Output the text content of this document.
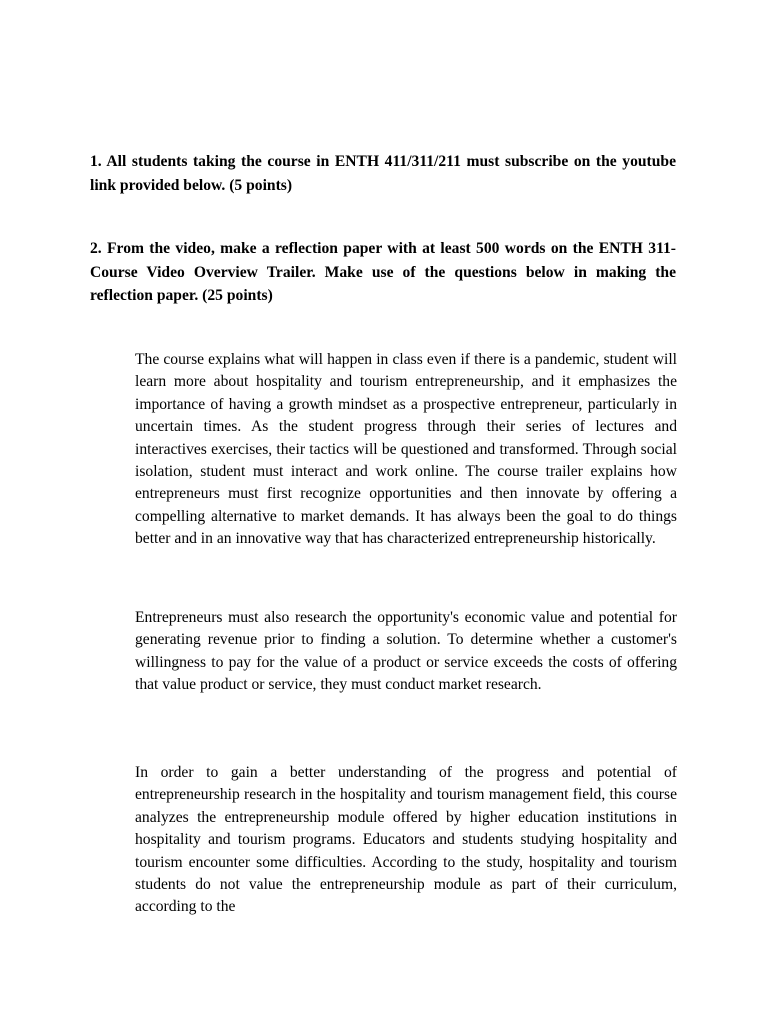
1. All students taking the course in ENTH 411/311/211 must subscribe on the youtube link provided below. (5 points)

2. From the video, make a reflection paper with at least 500 words on the ENTH 311- Course Video Overview Trailer. Make use of the questions below in making the reflection paper. (25 points)

The course explains what will happen in class even if there is a pandemic, student will learn more about hospitality and tourism entrepreneurship, and it emphasizes the importance of having a growth mindset as a prospective entrepreneur, particularly in uncertain times. As the student progress through their series of lectures and interactives exercises, their tactics will be questioned and transformed. Through social isolation, student must interact and work online. The course trailer explains how entrepreneurs must first recognize opportunities and then innovate by offering a compelling alternative to market demands. It has always been the goal to do things better and in an innovative way that has characterized entrepreneurship historically.

Entrepreneurs must also research the opportunity's economic value and potential for generating revenue prior to finding a solution. To determine whether a customer's willingness to pay for the value of a product or service exceeds the costs of offering that value product or service, they must conduct market research.

In order to gain a better understanding of the progress and potential of entrepreneurship research in the hospitality and tourism management field, this course analyzes the entrepreneurship module offered by higher education institutions in hospitality and tourism programs. Educators and students studying hospitality and tourism encounter some difficulties. According to the study, hospitality and tourism students do not value the entrepreneurship module as part of their curriculum, according to the
